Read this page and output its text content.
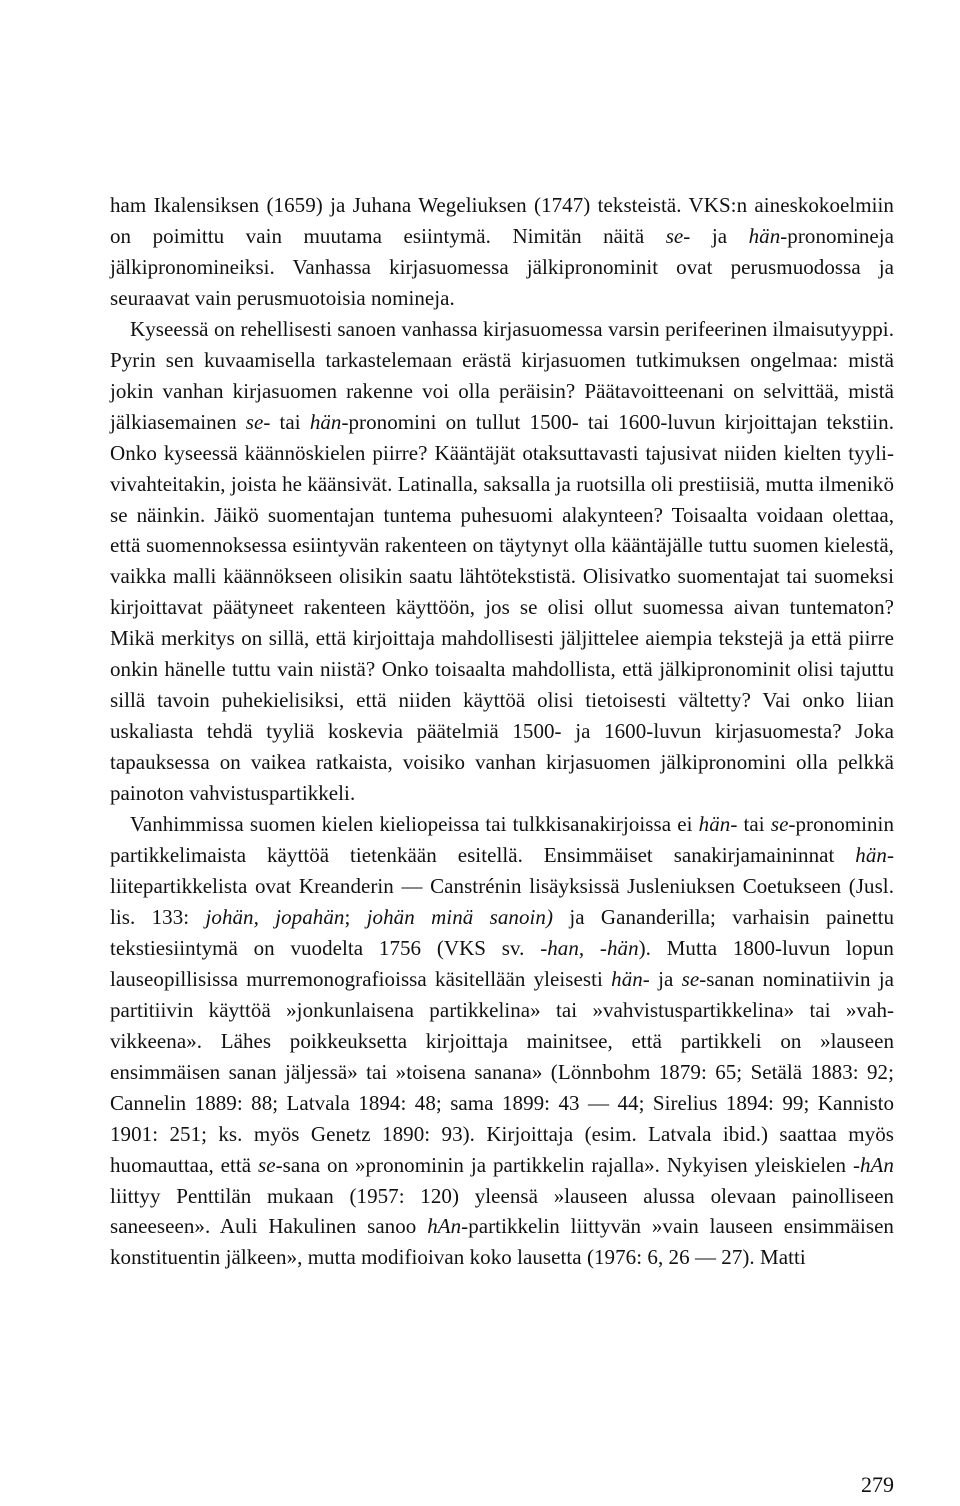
ham Ikalensiksen (1659) ja Juhana Wegeliuksen (1747) teksteistä. VKS:n aineskokoelmiin on poimittu vain muutama esiintymä. Nimitän näitä se- ja hän-pronomineja jälkipronomineiksi. Vanhassa kirjasuomessa jälkipronominit ovat perusmuodossa ja seuraavat vain perusmuotoisia nomineja.

Kyseessä on rehellisesti sanoen vanhassa kirjasuomessa varsin perifeerinen ilmaisutyyppi. Pyrin sen kuvaamisella tarkastelemaan erästä kirjasuomen tutkimuksen ongelmaa: mistä jokin vanhan kirjasuomen rakenne voi olla peräisin? Päätavoitteenani on selvittää, mistä jälkiasemainen se- tai hän-pronomini on tullut 1500- tai 1600-luvun kirjoittajan tekstiin. Onko kyseessä käännöskielen piirre? Kääntäjät otaksuttavasti tajusivat niiden kielten tyylivivahteitakin, joista he käänsivät. Latinalla, saksalla ja ruotsilla oli prestiisiä, mutta ilmenikö se näinkin. Jäikö suomentajan tuntema puhesuomi alakynteen? Toisaalta voidaan olettaa, että suomennoksessa esiintyvän rakenteen on täytynyt olla kääntäjälle tuttu suomen kielestä, vaikka malli käännökseen olisikin saatu lähtötekstistä. Olisivatko suomentajat tai suomeksi kirjoittavat päätyneet rakenteen käyttöön, jos se olisi ollut suomessa aivan tuntematon? Mikä merkitys on sillä, että kirjoittaja mahdollisesti jäljittelee aiempia tekstejä ja että piirre onkin hänelle tuttu vain niistä? Onko toisaalta mahdollista, että jälkipronominit olisi tajuttu sillä tavoin puhekielisiksi, että niiden käyttöä olisi tietoisesti vältetty? Vai onko liian uskaliasta tehdä tyyliä koskevia päätelmiä 1500- ja 1600-luvun kirjasuomesta? Joka tapauksessa on vaikea ratkaista, voisiko vanhan kirjasuomen jälkipronomini olla pelkkä painoton vahvistuspartikkeli.

Vanhimmissa suomen kielen kieliopeissa tai tulkkisanakirjoissa ei hän- tai se-pronominin partikkelimaista käyttöä tietenkään esitellä. Ensimmäiset sanakirjamaininnat hän-liitepartikkelista ovat Kreanderin — Canstrénin lisäyksissä Jusleniuksen Coetukseen (Jusl. lis. 133: johän, jopahän; johän minä sanoin) ja Gananderilla; varhaisin painettu tekstiesiintymä on vuodelta 1756 (VKS sv. -han, -hän). Mutta 1800-luvun lopun lauseopillisissa murremonografioissa käsitellään yleisesti hän- ja se-sanan nominatiivin ja partitiivin käyttöä »jonkunlaisena partikkelina» tai »vahvistuspartikkelina» tai »vahvikkeena». Lähes poikkeuksetta kirjoittaja mainitsee, että partikkeli on »lauseen ensimmäisen sanan jäljessä» tai »toisena sanana» (Lönnbohm 1879: 65; Setälä 1883: 92; Cannelin 1889: 88; Latvala 1894: 48; sama 1899: 43 — 44; Sirelius 1894: 99; Kannisto 1901: 251; ks. myös Genetz 1890: 93). Kirjoittaja (esim. Latvala ibid.) saattaa myös huomauttaa, että se-sana on »pronominin ja partikkelin rajalla». Nykyisen yleiskielen -hAn liittyy Penttilän mukaan (1957: 120) yleensä »lauseen alussa olevaan painolliseen saneeseen». Auli Hakulinen sanoo hAn-partikkelin liittyvän »vain lauseen ensimmäisen konstituentin jälkeen», mutta modifioivan koko lausetta (1976: 6, 26 — 27). Matti

279
